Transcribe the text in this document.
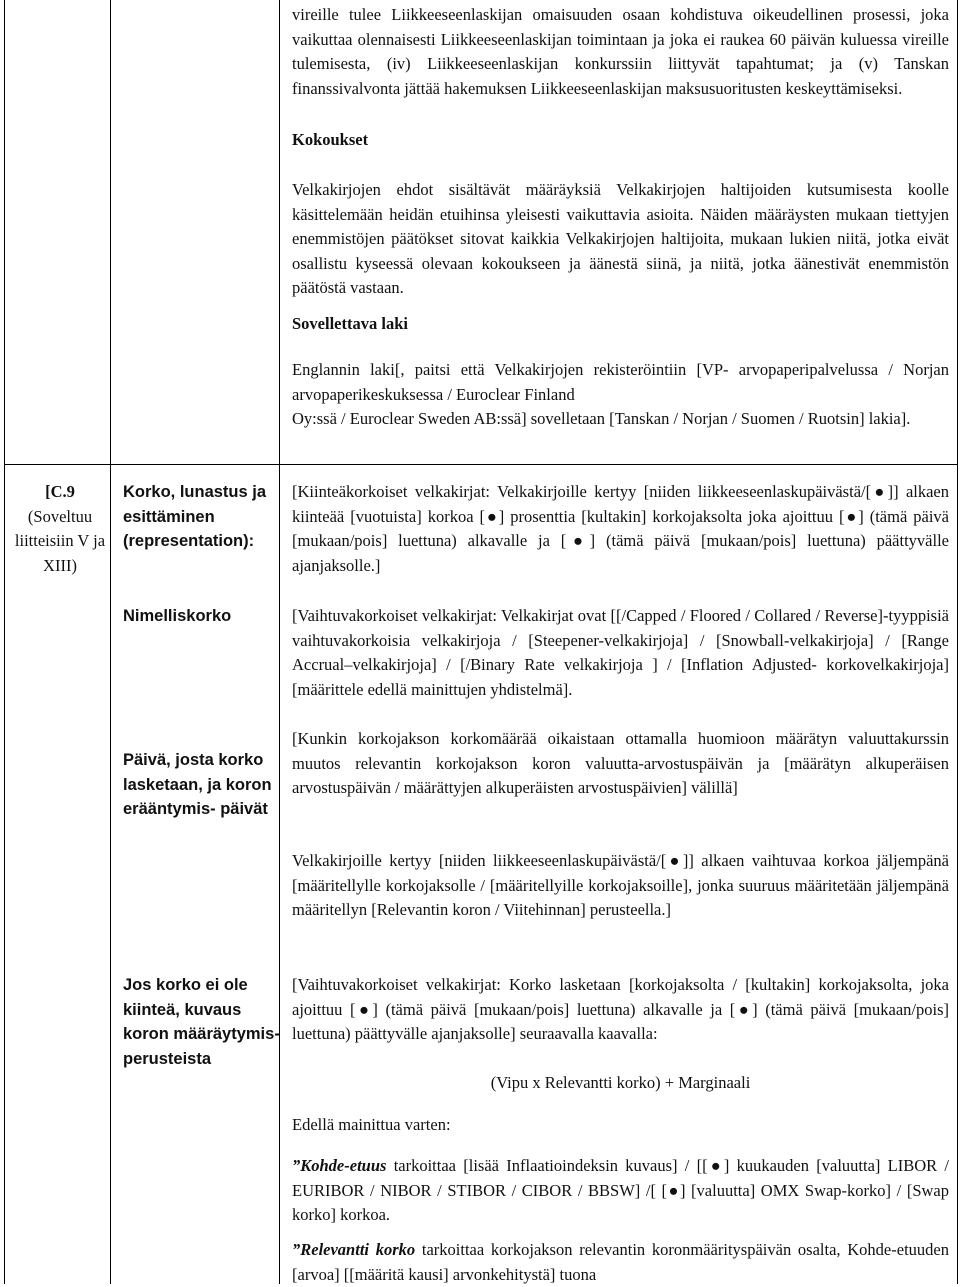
vireille tulee Liikkeeseenlaskijan omaisuuden osaan kohdistuva oikeudellinen prosessi, joka vaikuttaa olennaisesti Liikkeeseenlaskijan toimintaan ja joka ei raukea 60 päivän kuluessa vireille tulemisesta, (iv) Liikkeeseenlaskijan konkurssiin liittyvät tapahtumat; ja (v) Tanskan finanssivalvonta jättää hakemuksen Liikkeeseenlaskijan maksusuoritusten keskeyttämiseksi.

Kokoukset

Velkakirjojen ehdot sisältävät määräyksiä Velkakirjojen haltijoiden kutsumisesta koolle käsittelemään heidän etuihinsa yleisesti vaikuttavia asioita. Näiden määräysten mukaan tiettyjen enemmistöjen päätökset sitovat kaikkia Velkakirjojen haltijoita, mukaan lukien niitä, jotka eivät osallistu kyseessä olevaan kokoukseen ja äänestä siinä, ja niitä, jotka äänestivät enemmistön päätöstä vastaan.

Sovellettava laki

Englannin laki[, paitsi että Velkakirjojen rekisteröintiin [VP- arvopaperipalvelussa / Norjan arvopaperikeskuksessa / Euroclear Finland

Oy:ssä / Euroclear Sweden AB:ssä] sovelletaan [Tanskan / Norjan / Suomen / Ruotsin] lakia].

[C.9

(Soveltuu liitteisiin V ja XIII)

Korko, lunastus ja esittäminen (representation):

Nimelliskorko

Päivä, josta korko lasketaan, ja koron erääntymis- päivät

Jos korko ei ole kiinteä, kuvaus koron määräytymis- perusteista

[Kiinteäkorkoiset velkakirjat: Velkakirjoille kertyy [niiden liikkeeseenlaskupäivästä/[●]] alkaen kiinteää [vuotuista] korkoa [●] prosenttia [kultakin] korkojaksolta joka ajoittuu [●] (tämä päivä [mukaan/pois] luettuna) alkavalle ja [●] (tämä päivä [mukaan/pois] luettuna) päättyvälle ajanjaksolle.]

[Vaihtuvakorkoiset velkakirjat: Velkakirjat ovat [[/Capped / Floored / Collared / Reverse]-tyyppisiä vaihtuvakorkoisia velkakirjoja / [Steepener-velkakirjoja] / [Snowball-velkakirjoja] / [Range Accrual–velkakirjoja] / [/Binary Rate velkakirjoja ] / [Inflation Adjusted- korkovelkakirjoja] [määrittele edellä mainittujen yhdistelmä].

[Kunkin korkojakson korkomäärää oikaistaan ottamalla huomioon määrätyn valuuttakurssin muutos relevantin korkojakson koron valuutta-arvostuspäivän ja [määrätyn alkuperäisen arvostuspäivän / määrättyjen alkuperäisten arvostuspäivien] välillä]

Velkakirjoille kertyy [niiden liikkeeseenlaskupäivästä/[●]] alkaen vaihtuvaa korkoa jäljempänä [määritellylle korkojaksolle / [määritellyille korkojaksoille], jonka suuruus määritetään jäljempänä määritellyn [Relevantin koron / Viitehinnan] perusteella.]

[Vaihtuvakorkoiset velkakirjat: Korko lasketaan [korkojaksolta / [kultakin] korkojaksolta, joka ajoittuu [●] (tämä päivä [mukaan/pois] luettuna) alkavalle ja [●] (tämä päivä [mukaan/pois] luettuna) päättyvälle ajanjaksolle] seuraavalla kaavalla:

(Vipu x Relevantti korko) + Marginaali

Edellä mainittua varten:

”Kohde-etuus tarkoittaa [lisää Inflaatioindeksin kuvaus] / [[●] kuukauden [valuutta] LIBOR / EURIBOR / NIBOR / STIBOR / CIBOR / BBSW] /[ [●] [valuutta] OMX Swap-korko] / [Swap korko] korkoa.

”Relevantti korko tarkoittaa korkojakson relevantin koronmäärityspäivän osalta, Kohde-etuuden [arvoa] [[määritä kausi] arvonkehitystä] tuona
